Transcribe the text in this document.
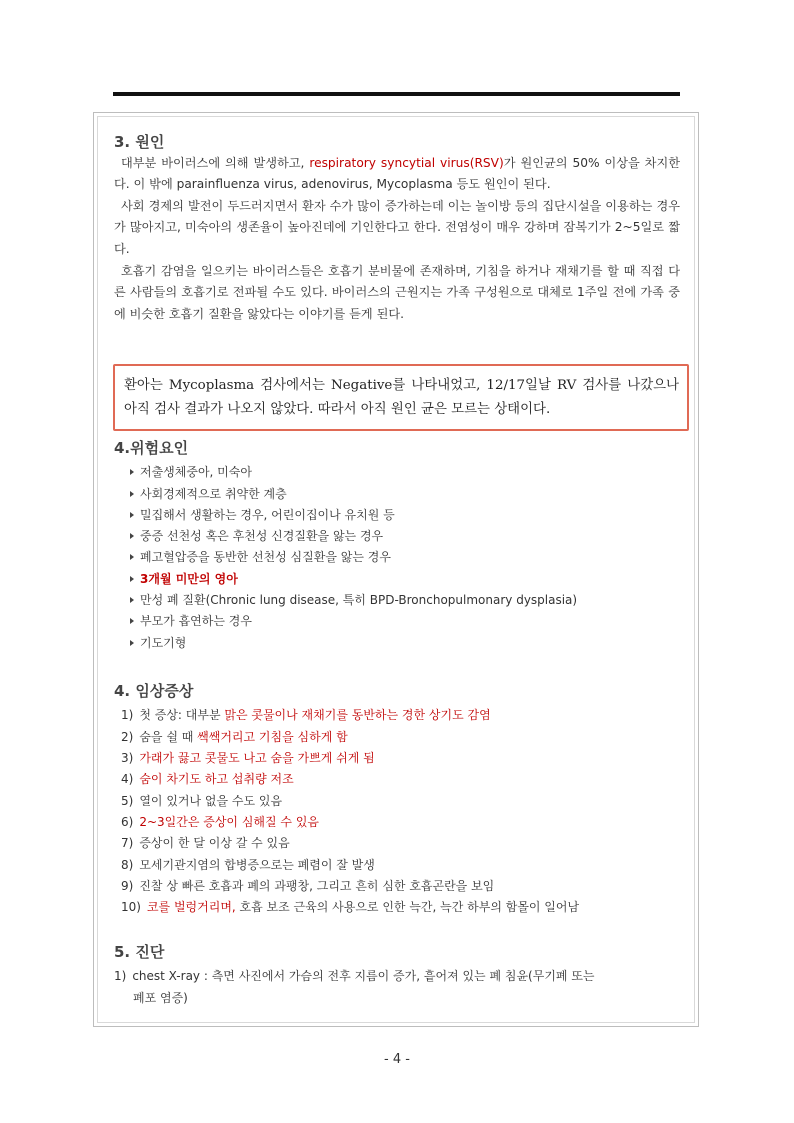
3. 원인
대부분 바이러스에 의해 발생하고, respiratory syncytial virus(RSV)가 원인균의 50% 이상을 차지한다. 이 밖에 parainfluenza virus, adenovirus, Mycoplasma 등도 원인이 된다.
사회 경제의 발전이 두드러지면서 환자 수가 많이 증가하는데 이는 놀이방 등의 집단시설을 이용하는 경우가 많아지고, 미숙아의 생존율이 높아진데에 기인한다고 한다. 전염성이 매우 강하며 잠복기가 2~5일로 짧다.
호흡기 감염을 일으키는 바이러스들은 호흡기 분비물에 존재하며, 기침을 하거나 재채기를 할 때 직접 다른 사람들의 호흡기로 전파될 수도 있다. 바이러스의 근원지는 가족 구성원으로 대체로 1주일 전에 가족 중에 비슷한 호흡기 질환을 앓았다는 이야기를 듣게 된다.
환아는 Mycoplasma 검사에서는 Negative를 나타내었고, 12/17일날 RV 검사를 나갔으나 아직 검사 결과가 나오지 않았다. 따라서 아직 원인 균은 모르는 상태이다.
4.위험요인
저출생체중아, 미숙아
사회경제적으로 취약한 계층
밀집해서 생활하는 경우, 어린이집이나 유치원 등
중증 선천성 혹은 후천성 신경질환을 앓는 경우
폐고혈압증을 동반한 선천성 심질환을 앓는 경우
3개월 미만의 영아
만성 폐 질환(Chronic lung disease, 특히 BPD-Bronchopulmonary dysplasia)
부모가 흡연하는 경우
기도기형
4. 임상증상
1) 첫 증상: 대부분 맑은 콧물이나 재채기를 동반하는 경한 상기도 감염
2) 숨을 쉴 때 쌕쌕거리고 기침을 심하게 함
3) 가래가 끓고 콧물도 나고 숨을 가쁘게 쉬게 됨
4) 숨이 차기도 하고 섭취량 저조
5) 열이 있거나 없을 수도 있음
6) 2~3일간은 증상이 심해질 수 있음
7) 증상이 한 달 이상 갈 수 있음
8) 모세기관지염의 합병증으로는 폐렴이 잘 발생
9) 진찰 상 빠른 호흡과 폐의 과팽창, 그리고 흔히 심한 호흡곤란을 보임
10) 코를 벌렁거리며, 호흡 보조 근육의 사용으로 인한 늑간, 늑간 하부의 함몰이 일어남
5. 진단
1) chest X-ray : 측면 사진에서 가슴의 전후 지름이 증가, 흩어져 있는 폐 침윤(무기폐 또는
폐포 염증)
- 4 -
